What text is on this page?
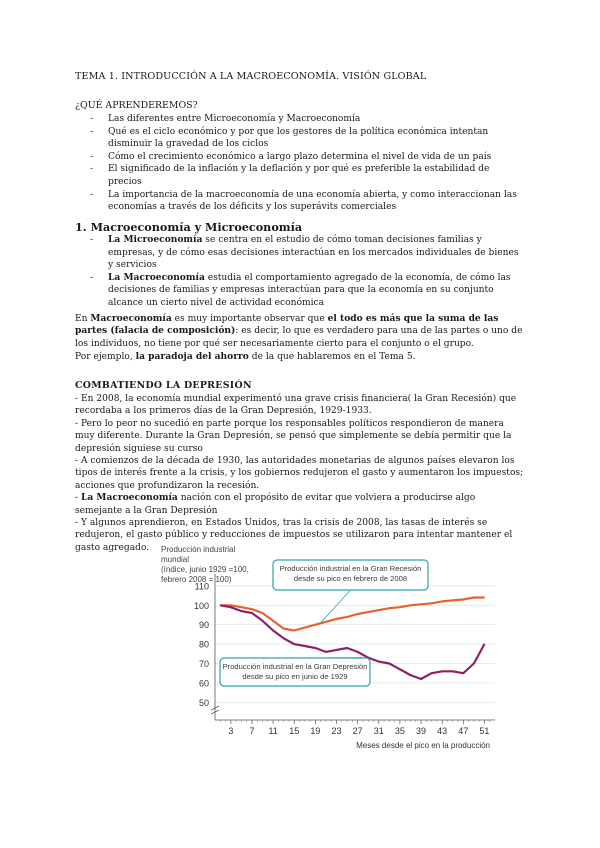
TEMA 1. INTRODUCCIÓN A LA MACROECONOMÍA. VISIÓN GLOBAL
¿QUÉ APRENDEREMOS?
- Las diferentes entre Microeconomía y Macroeconomía
- Qué es el ciclo económico y por que los gestores de la política económica intentan disminuir la gravedad de los ciclos
- Cómo el crecimiento económico a largo plazo determina el nivel de vida de un país
- El significado de la inflación y la deflación y por qué es preferible la estabilidad de precios
- La importancia de la macroeconomía de una economía abierta, y como interaccionan las economías a través de los déficits y los superávits comerciales
1. Macroeconomía y Microeconomía
- La Microeconomía se centra en el estudio de cómo toman decisiones familias y empresas, y de cómo esas decisiones interactúan en los mercados individuales de bienes y servicios
- La Macroeconomía estudia el comportamiento agregado de la economía, de cómo las decisiones de familias y empresas interactúan para que la economía en su conjunto alcance un cierto nivel de actividad económica
En Macroeconomía es muy importante observar que el todo es más que la suma de las partes (falacia de composición): es decir, lo que es verdadero para una de las partes o uno de los individuos, no tiene por qué ser necesariamente cierto para el conjunto o el grupo.
Por ejemplo, la paradoja del ahorro de la que hablaremos en el Tema 5.
COMBATIENDO LA DEPRESIÓN
- En 2008, la economía mundial experimentó una grave crisis financiera( la Gran Recesión) que recordaba a los primeros días de la Gran Depresión, 1929-1933.
- Pero lo peor no sucedió en parte porque los responsables políticos respondieron de manera muy diferente. Durante la Gran Depresión, se pensó que simplemente se debía permitir que la depresión siguiese su curso
- A comienzos de la década de 1930, las autoridades monetarias de algunos países elevaron los tipos de interés frente a la crisis, y los gobiernos redujeron el gasto y aumentaron los impuestos; acciones que profundizaron la recesión.
- La Macroeconomía nación con el propósito de evitar que volviera a producirse algo semejante a la Gran Depresión
- Y algunos aprendieron, en Estados Unidos, tras la crisis de 2008, las tasas de interés se redujeron, el gasto público y reducciones de impuestos se utilizaron para intentar mantener el gasto agregado.	Producción industrial
mundial
(índice, junio 1929 =100,
febrero 2008 = 100)
110
100
90
80
70
60
50
3 7 11 15 19 23 27 31 35 39 43 47 51
Meses desde el pico en la producción
Producción industrial en la Gran Recesión
desde su pico en febrero de 2008
Producción industrial en la Gran Depresión
desde su pico en junio de 1929
